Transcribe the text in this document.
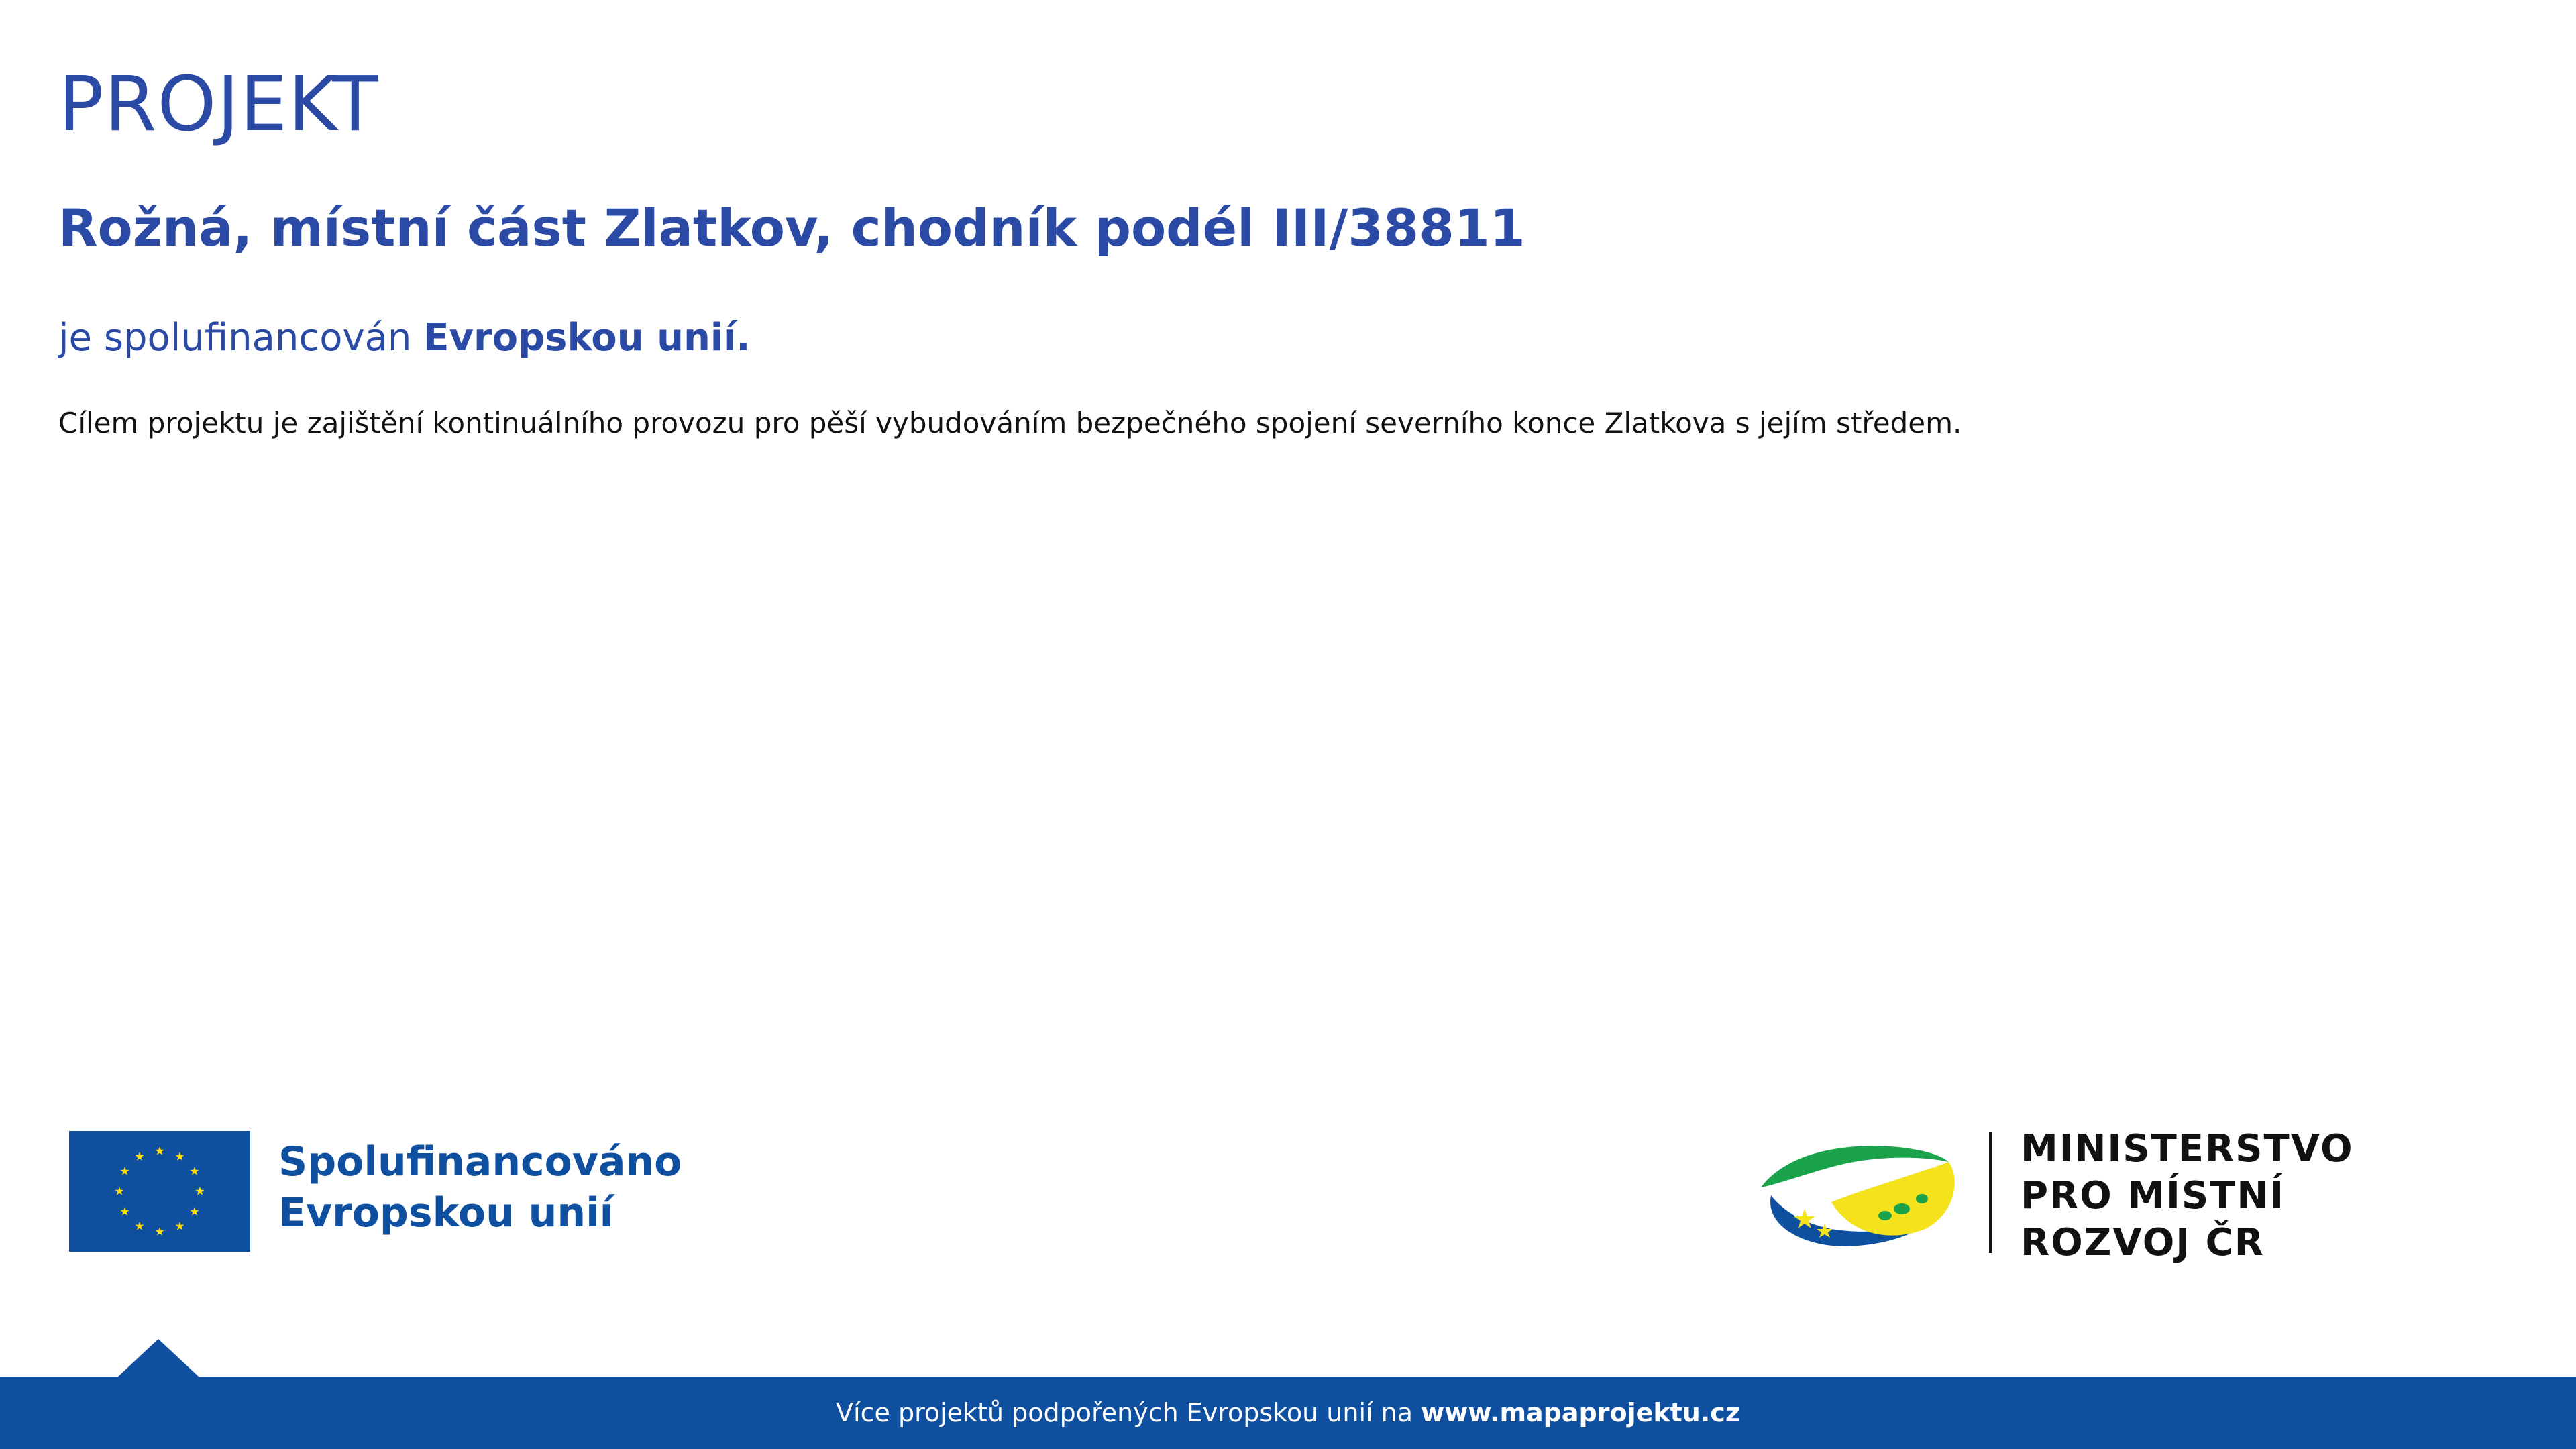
PROJEKT
Rožná, místní část Zlatkov, chodník podél III/38811

je spolufinancován Evropskou unií.

Cílem projektu je zajištění kontinuálního provozu pro pěší vybudováním bezpečného spojení severního konce Zlatkova s jejím středem.

Spolufinancováno
Evropskou unií
MINISTERSTVO
PRO MÍSTNÍ
ROZVOJ ČR
Více projektů podpořených Evropskou unií na www.mapaprojektu.cz
